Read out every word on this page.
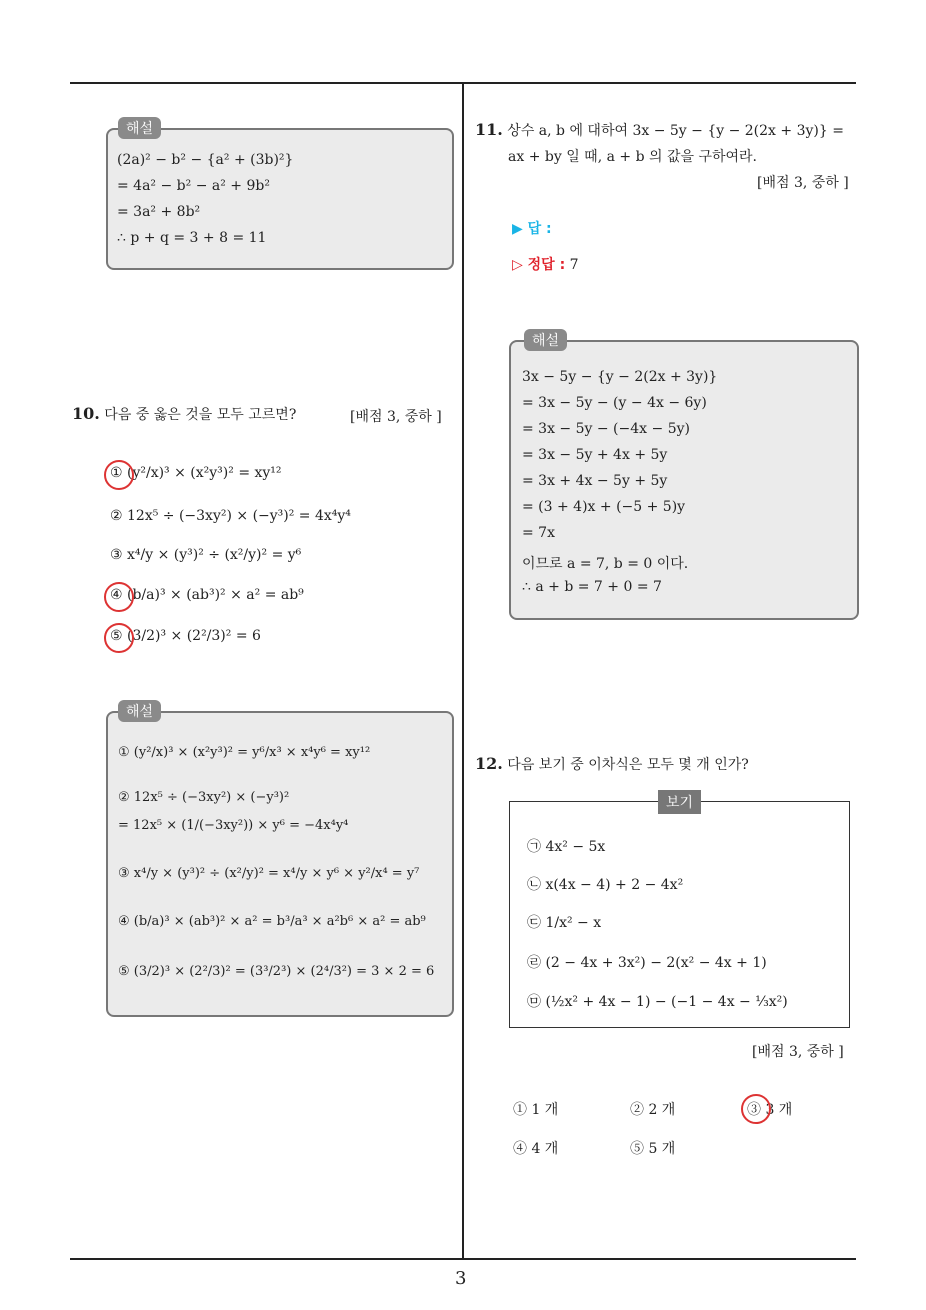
3
해설
(2a)² − b² − {a² + (3b)²}
= 4a² − b² − a² + 9b²
= 3a² + 8b²
∴ p + q = 3 + 8 = 11
10. 다음 중 옳은 것을 모두 고르면?	[배점 3, 중하 ]
① (y²/x)³ × (x²y³)² = xy¹²
② 12x⁵ ÷ (−3xy²) × (−y³)² = 4x⁴y⁴
③ x⁴/y × (y³)² ÷ (x²/y)² = y⁶
④ (b/a)³ × (ab³)² × a² = ab⁹
⑤ (3/2)³ × (2²/3)² = 6
해설
① (y²/x)³ × (x²y³)² = y⁶/x³ × x⁴y⁶ = xy¹²
② 12x⁵ ÷ (−3xy²) × (−y³)²
= 12x⁵ × (1/(−3xy²)) × y⁶ = −4x⁴y⁴
③ x⁴/y × (y³)² ÷ (x²/y)² = x⁴/y × y⁶ × y²/x⁴ = y⁷
④ (b/a)³ × (ab³)² × a² = b³/a³ × a²b⁶ × a² = ab⁹
⑤ (3/2)³ × (2²/3)² = (3³/2³) × (2⁴/3²) = 3 × 2 = 6
11. 상수 a, b 에 대하여 3x − 5y − {y − 2(2x + 3y)} =
ax + by 일 때, a + b 의 값을 구하여라.
[배점 3, 중하 ]
▶ 답 :
▷ 정답 : 7
해설
3x − 5y − {y − 2(2x + 3y)}
= 3x − 5y − (y − 4x − 6y)
= 3x − 5y − (−4x − 5y)
= 3x − 5y + 4x + 5y
= 3x + 4x − 5y + 5y
= (3 + 4)x + (−5 + 5)y
= 7x
이므로 a = 7, b = 0 이다.
∴ a + b = 7 + 0 = 7
12. 다음 보기 중 이차식은 모두 몇 개 인가?
보기
㉠ 4x² − 5x
㉡ x(4x − 4) + 2 − 4x²
㉢ 1/x² − x
㉣ (2 − 4x + 3x²) − 2(x² − 4x + 1)
㉤ (½x² + 4x − 1) − (−1 − 4x − ⅓x²)
[배점 3, 중하 ]
① 1 개	② 2 개	③ 3 개
④ 4 개	⑤ 5 개
